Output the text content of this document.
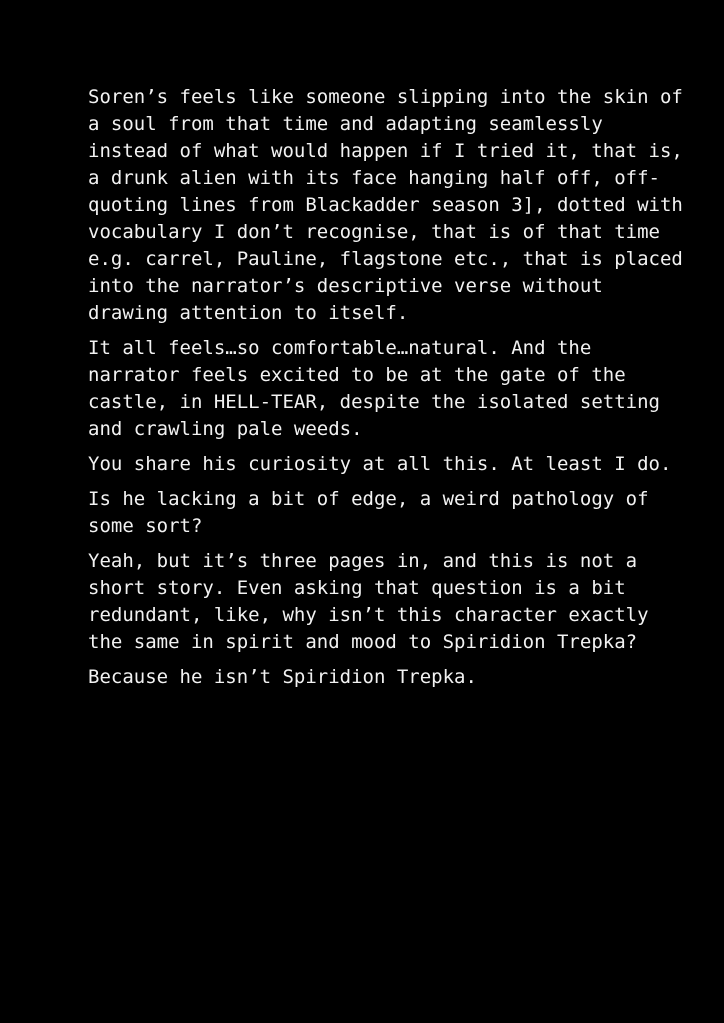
Soren’s feels like someone slipping into the skin of a soul from that time and adapting seamlessly instead of what would happen if I tried it, that is, a drunk alien with its face hanging half off, off-quoting lines from Blackadder season 3], dotted with vocabulary I don’t recognise, that is of that time e.g. carrel, Pauline, flagstone etc., that is placed into the narrator’s descriptive verse without drawing attention to itself.

It all feels…so comfortable…natural. And the narrator feels excited to be at the gate of the castle, in HELL-TEAR, despite the isolated setting and crawling pale weeds.

You share his curiosity at all this. At least I do.

Is he lacking a bit of edge, a weird pathology of some sort?

Yeah, but it’s three pages in, and this is not a short story. Even asking that question is a bit redundant, like, why isn’t this character exactly the same in spirit and mood to Spiridion Trepka?

Because he isn’t Spiridion Trepka.
